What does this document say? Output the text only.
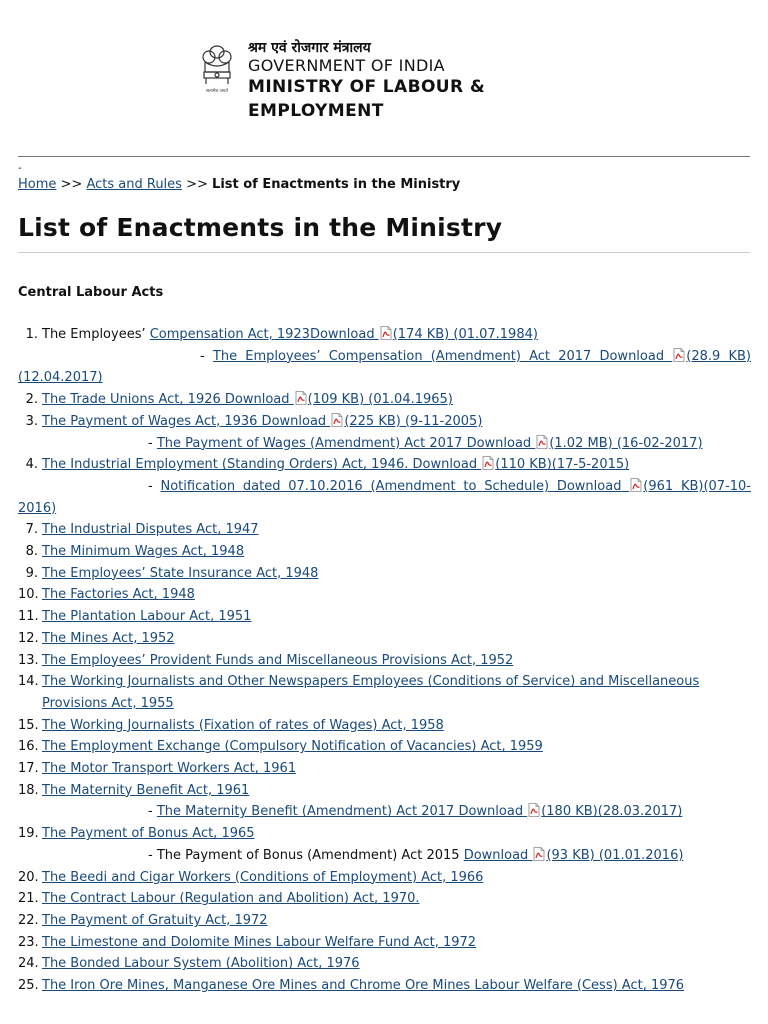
सत्यमेव जयते
श्रम एवं रोजगार मंत्रालय
GOVERNMENT OF INDIA
MINISTRY OF LABOUR &
EMPLOYMENT
-
Home >> Acts and Rules >> List of Enactments in the Ministry
List of Enactments in the Ministry
Central Labour Acts
1. The Employees’ Compensation Act, 1923Download (174 KB) (01.07.1984)
- The Employees’ Compensation (Amendment) Act 2017 Download (28.9 KB) (12.04.2017)
2. The Trade Unions Act, 1926 Download (109 KB) (01.04.1965)
3. The Payment of Wages Act, 1936 Download (225 KB) (9-11-2005)
- The Payment of Wages (Amendment) Act 2017 Download (1.02 MB) (16-02-2017)
4. The Industrial Employment (Standing Orders) Act, 1946. Download (110 KB)(17-5-2015)
- Notification dated 07.10.2016 (Amendment to Schedule) Download (961 KB)(07-10-2016)
7. The Industrial Disputes Act, 1947
8. The Minimum Wages Act, 1948
9. The Employees’ State Insurance Act, 1948
10. The Factories Act, 1948
11. The Plantation Labour Act, 1951
12. The Mines Act, 1952
13. The Employees’ Provident Funds and Miscellaneous Provisions Act, 1952
14. The Working Journalists and Other Newspapers Employees (Conditions of Service) and Miscellaneous Provisions Act, 1955
15. The Working Journalists (Fixation of rates of Wages) Act, 1958
16. The Employment Exchange (Compulsory Notification of Vacancies) Act, 1959
17. The Motor Transport Workers Act, 1961
18. The Maternity Benefit Act, 1961
- The Maternity Benefit (Amendment) Act 2017 Download (180 KB)(28.03.2017)
19. The Payment of Bonus Act, 1965
- The Payment of Bonus (Amendment) Act 2015 Download (93 KB) (01.01.2016)
20. The Beedi and Cigar Workers (Conditions of Employment) Act, 1966
21. The Contract Labour (Regulation and Abolition) Act, 1970.
22. The Payment of Gratuity Act, 1972
23. The Limestone and Dolomite Mines Labour Welfare Fund Act, 1972
24. The Bonded Labour System (Abolition) Act, 1976
25. The Iron Ore Mines, Manganese Ore Mines and Chrome Ore Mines Labour Welfare (Cess) Act, 1976
